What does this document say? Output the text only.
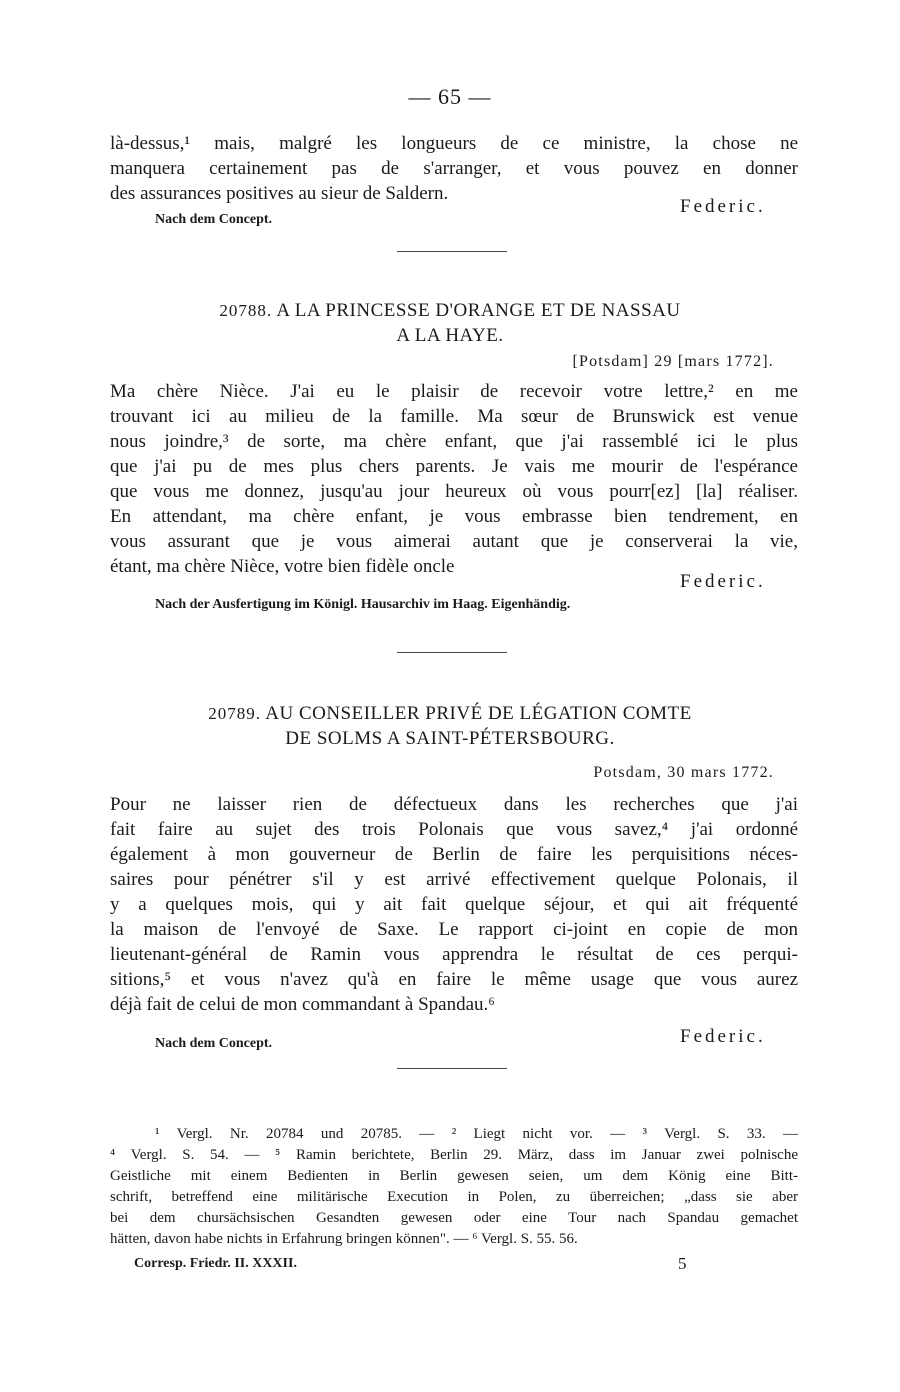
— 65 —
là-dessus,¹ mais, malgré les longueurs de ce ministre, la chose ne
manquera certainement pas de s'arranger, et vous pouvez en donner
des assurances positives au sieur de Saldern.
Federic.
Nach dem Concept.
20788. A LA PRINCESSE D'ORANGE ET DE NASSAU
A LA HAYE.
[Potsdam] 29 [mars 1772].
Ma chère Nièce. J'ai eu le plaisir de recevoir votre lettre,² en me
trouvant ici au milieu de la famille. Ma sœur de Brunswick est venue
nous joindre,³ de sorte, ma chère enfant, que j'ai rassemblé ici le plus
que j'ai pu de mes plus chers parents. Je vais me mourir de l'espérance
que vous me donnez, jusqu'au jour heureux où vous pourr[ez] [la] réaliser.
En attendant, ma chère enfant, je vous embrasse bien tendrement, en
vous assurant que je vous aimerai autant que je conserverai la vie,
étant, ma chère Nièce, votre bien fidèle oncle
Federic.
Nach der Ausfertigung im Königl. Hausarchiv im Haag. Eigenhändig.
20789. AU CONSEILLER PRIVÉ DE LÉGATION COMTE
DE SOLMS A SAINT-PÉTERSBOURG.
Potsdam, 30 mars 1772.
Pour ne laisser rien de défectueux dans les recherches que j'ai
fait faire au sujet des trois Polonais que vous savez,⁴ j'ai ordonné
également à mon gouverneur de Berlin de faire les perquisitions néces-
saires pour pénétrer s'il y est arrivé effectivement quelque Polonais, il
y a quelques mois, qui y ait fait quelque séjour, et qui ait fréquenté
la maison de l'envoyé de Saxe. Le rapport ci-joint en copie de mon
lieutenant-général de Ramin vous apprendra le résultat de ces perqui-
sitions,⁵ et vous n'avez qu'à en faire le même usage que vous aurez
déjà fait de celui de mon commandant à Spandau.⁶
Federic.
Nach dem Concept.
¹ Vergl. Nr. 20784 und 20785. — ² Liegt nicht vor. — ³ Vergl. S. 33. —
⁴ Vergl. S. 54. — ⁵ Ramin berichtete, Berlin 29. März, dass im Januar zwei polnische
Geistliche mit einem Bedienten in Berlin gewesen seien, um dem König eine Bitt-
schrift, betreffend eine militärische Execution in Polen, zu überreichen; „dass sie aber
bei dem chursächsischen Gesandten gewesen oder eine Tour nach Spandau gemachet
hätten, davon habe nichts in Erfahrung bringen können". — ⁶ Vergl. S. 55. 56.
Corresp. Friedr. II. XXXII.	5
